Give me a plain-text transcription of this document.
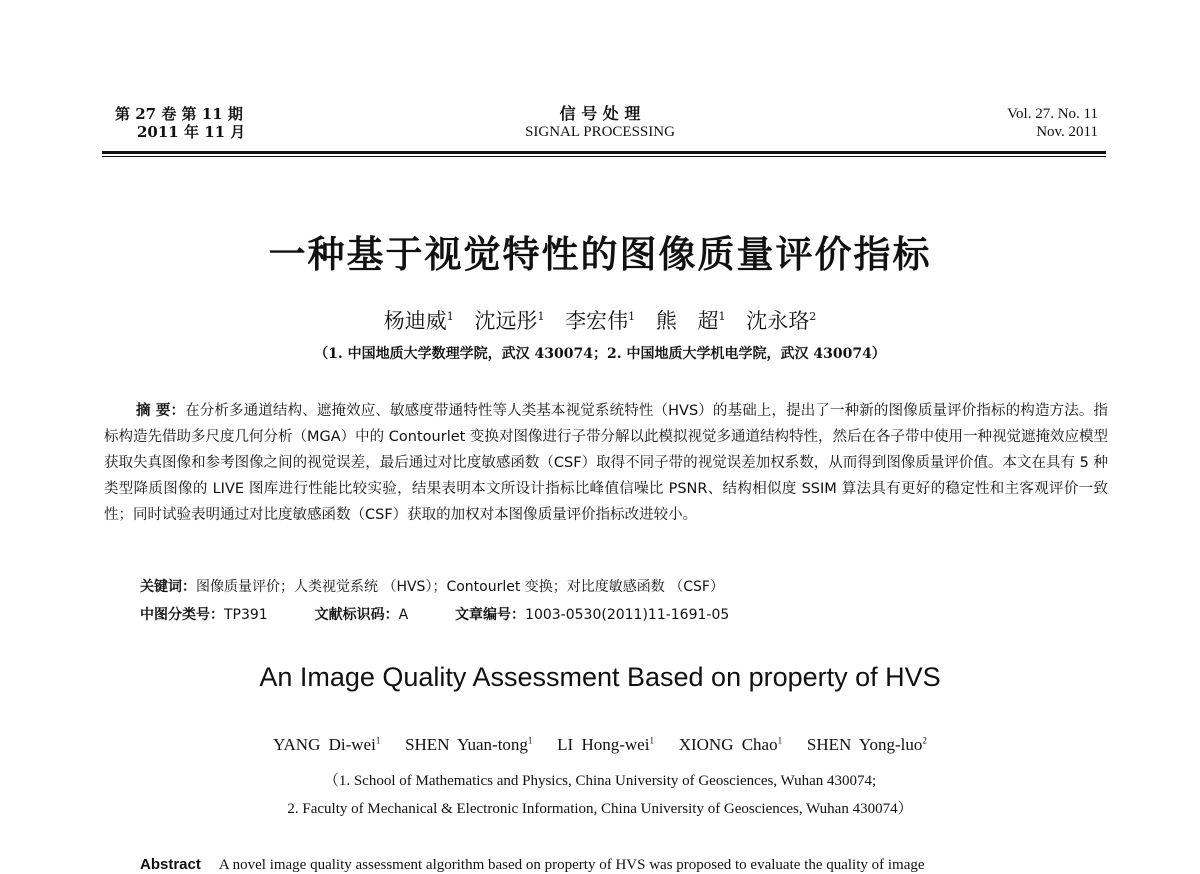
第 27 卷 第 11 期
2011 年 11 月
信 号 处 理
SIGNAL PROCESSING
Vol. 27. No. 11
Nov. 2011
一种基于视觉特性的图像质量评价指标
杨迪威$^1$ 沈远彤$^1$ 李宏伟$^1$ 熊 超$^1$ 沈永珞$^2$
（1. 中国地质大学数理学院，武汉 430074；2. 中国地质大学机电学院，武汉 430074）
摘 要：在分析多通道结构、遮掩效应、敏感度带通特性等人类基本视觉系统特性（HVS）的基础上，提出了一种新的图像质量评价指标的构造方法。指标构造先借助多尺度几何分析（MGA）中的 Contourlet 变换对图像进行子带分解以此模拟视觉多通道结构特性，然后在各子带中使用一种视觉遮掩效应模型获取失真图像和参考图像之间的视觉误差，最后通过对比度敏感函数（CSF）取得不同子带的视觉误差加权系数，从而得到图像质量评价值。本文在具有 5 种类型降质图像的 LIVE 图库进行性能比较实验，结果表明本文所设计指标比峰值信噪比 PSNR、结构相似度 SSIM 算法具有更好的稳定性和主客观评价一致性；同时试验表明通过对比度敏感函数（CSF）获取的加权对本图像质量评价指标改进较小。
关键词：图像质量评价；人类视觉系统 （HVS）；Contourlet 变换；对比度敏感函数 （CSF）
中图分类号：TP391	文献标识码：A	文章编号：1003-0530(2011)11-1691-05
An Image Quality Assessment Based on property of HVS
YANG Di-wei$^1$ SHEN Yuan-tong$^1$ LI Hong-wei$^1$ XIONG Chao$^1$ SHEN Yong-luo$^2$
（1. School of Mathematics and Physics, China University of Geosciences, Wuhan 430074;
2. Faculty of Mechanical & Electronic Information, China University of Geosciences, Wuhan 430074）
Abstract A novel image quality assessment algorithm based on property of HVS was proposed to evaluate the quality of image
